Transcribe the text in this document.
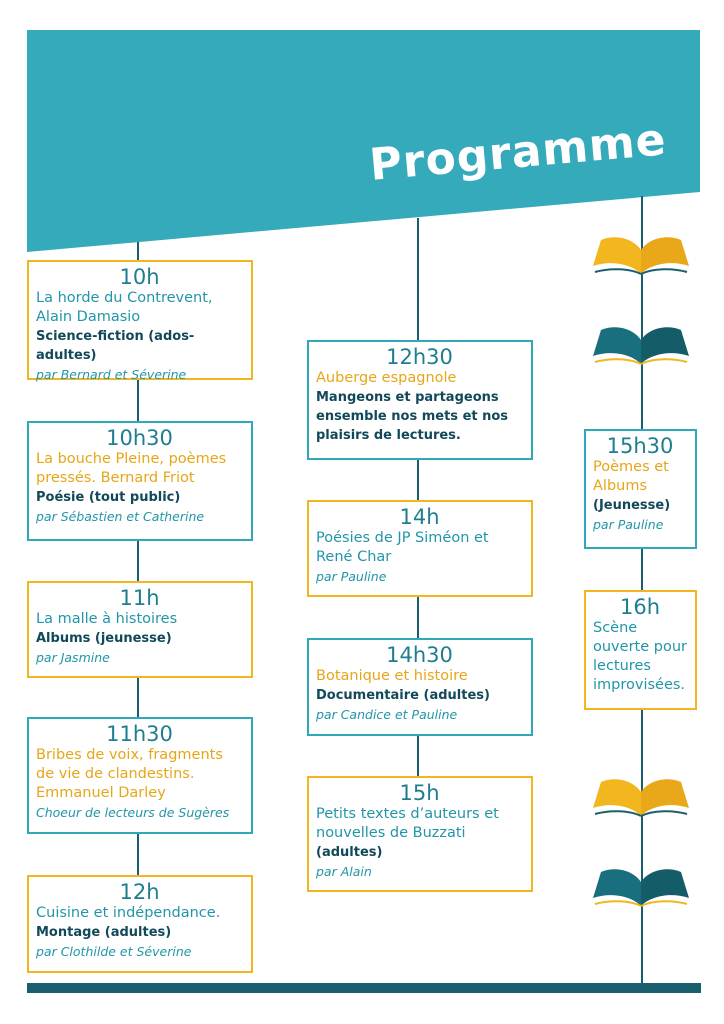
Programme
10h
La horde du Contrevent, Alain Damasio
Science-fiction (ados-adultes)
par Bernard et Séverine
10h30
La bouche Pleine, poèmes pressés. Bernard Friot
Poésie (tout public)
par Sébastien et Catherine
11h
La malle à histoires
Albums (jeunesse)
par Jasmine
11h30
Bribes de voix, fragments de vie de clandestins. Emmanuel Darley
Choeur de lecteurs de Sugères
12h
Cuisine et indépendance.
Montage (adultes)
par Clothilde et Séverine
12h30
Auberge espagnole
Mangeons et partageons ensemble nos mets et nos plaisirs de lectures.
14h
Poésies de JP Siméon et René Char
par Pauline
14h30
Botanique et histoire
Documentaire (adultes)
par Candice et Pauline
15h
Petits textes d’auteurs et nouvelles de Buzzati
(adultes)
par Alain
15h30
Poèmes et Albums
(Jeunesse)
par Pauline
16h
Scène ouverte pour lectures improvisées.
